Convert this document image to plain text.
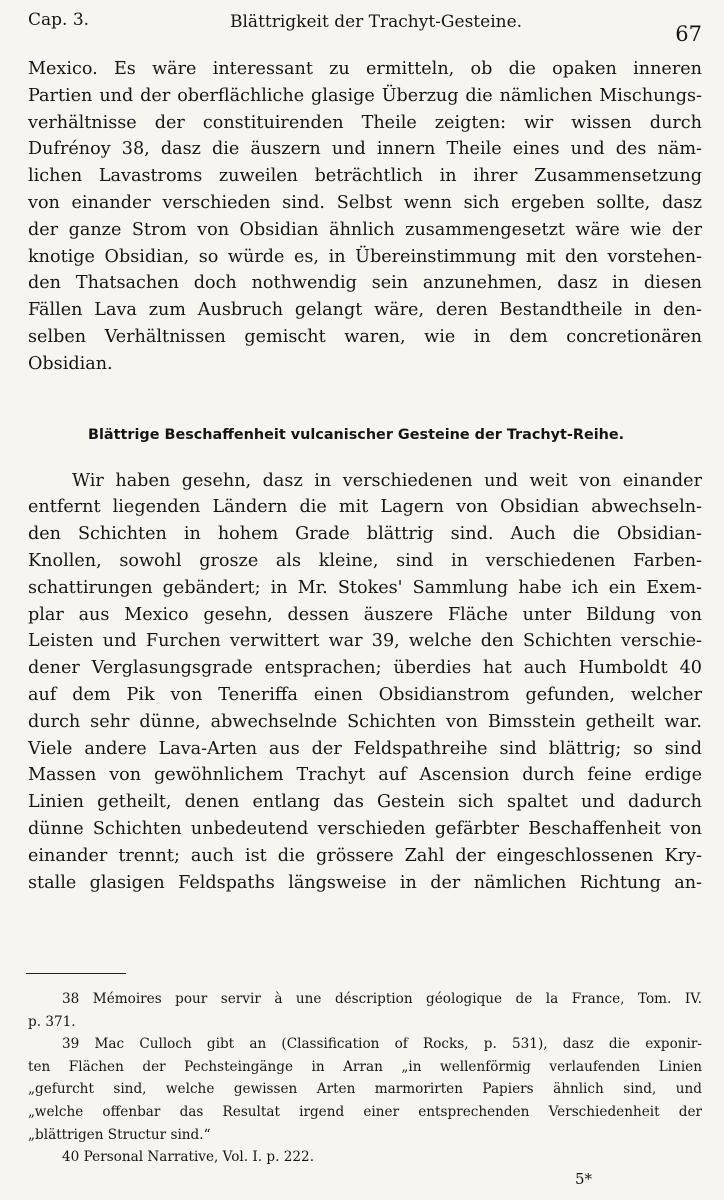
Cap. 3.	Blättrigkeit der Trachyt-Gesteine.	67
Mexico. Es wäre interessant zu ermitteln, ob die opaken inneren
Partien und der oberflächliche glasige Überzug die nämlichen Mischungs-
verhältnisse der constituirenden Theile zeigten: wir wissen durch
Dufrénoy 38, dasz die äuszern und innern Theile eines und des näm-
lichen Lavastroms zuweilen beträchtlich in ihrer Zusammensetzung
von einander verschieden sind. Selbst wenn sich ergeben sollte, dasz
der ganze Strom von Obsidian ähnlich zusammengesetzt wäre wie der
knotige Obsidian, so würde es, in Übereinstimmung mit den vorstehen-
den Thatsachen doch nothwendig sein anzunehmen, dasz in diesen
Fällen Lava zum Ausbruch gelangt wäre, deren Bestandtheile in den-
selben Verhältnissen gemischt waren, wie in dem concretionären
Obsidian.
Blättrige Beschaffenheit vulcanischer Gesteine der Trachyt-Reihe.
Wir haben gesehn, dasz in verschiedenen und weit von einander
entfernt liegenden Ländern die mit Lagern von Obsidian abwechseln-
den Schichten in hohem Grade blättrig sind. Auch die Obsidian-
Knollen, sowohl grosze als kleine, sind in verschiedenen Farben-
schattirungen gebändert; in Mr. Stokes' Sammlung habe ich ein Exem-
plar aus Mexico gesehn, dessen äuszere Fläche unter Bildung von
Leisten und Furchen verwittert war 39, welche den Schichten verschie-
dener Verglasungsgrade entsprachen; überdies hat auch Humboldt 40
auf dem Pik von Teneriffa einen Obsidianstrom gefunden, welcher
durch sehr dünne, abwechselnde Schichten von Bimsstein getheilt war.
Viele andere Lava-Arten aus der Feldspathreihe sind blättrig; so sind
Massen von gewöhnlichem Trachyt auf Ascension durch feine erdige
Linien getheilt, denen entlang das Gestein sich spaltet und dadurch
dünne Schichten unbedeutend verschieden gefärbter Beschaffenheit von
einander trennt; auch ist die grössere Zahl der eingeschlossenen Kry-
stalle glasigen Feldspaths längsweise in der nämlichen Richtung an-
38 Mémoires pour servir à une déscription géologique de la France, Tom. IV.
p. 371.
39 Mac Culloch gibt an (Classification of Rocks, p. 531), dasz die exponir-
ten Flächen der Pechsteingänge in Arran „in wellenförmig verlaufenden Linien
„gefurcht sind, welche gewissen Arten marmorirten Papiers ähnlich sind, und
„welche offenbar das Resultat irgend einer entsprechenden Verschiedenheit der
„blättrigen Structur sind.“
40 Personal Narrative, Vol. I. p. 222.
5*
